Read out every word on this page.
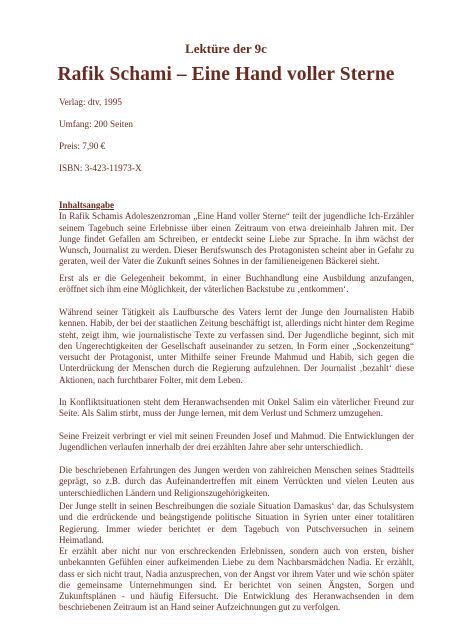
Lektüre der 9c
Rafik Schami – Eine Hand voller Sterne
Verlag: dtv, 1995
Umfang: 200 Seiten
Preis: 7,90 €
ISBN: 3-423-11973-X

Inhaltsangabe

In Rafik Schamis Adoleszenzroman „Eine Hand voller Sterne“ teilt der jugendliche Ich-Erzähler seinem Tagebuch seine Erlebnisse über einen Zeitraum von etwa dreieinhalb Jahren mit. Der Junge findet Gefallen am Schreiben, er entdeckt seine Liebe zur Sprache. In ihm wächst der Wunsch, Journalist zu werden. Dieser Berufswunsch des Protagonisten scheint aber in Gefahr zu geraten, weil der Vater die Zukunft seines Sohnes in der familieneigenen Bäckerei sieht.

Erst als er die Gelegenheit bekommt, in einer Buchhandlung eine Ausbildung anzufangen, eröffnet sich ihm eine Möglichkeit, der väterlichen Backstube zu ‚entkommen‘.
Während seiner Tätigkeit als Laufbursche des Vaters lernt der Junge den Journalisten Habib kennen. Habib, der bei der staatlichen Zeitung beschäftigt ist, allerdings nicht hinter dem Regime steht, zeigt ihm, wie journalistische Texte zu verfassen sind. Der Jugendliche beginnt, sich mit den Ungerechtigkeiten der Gesellschaft auseinander zu setzen. In Form einer „Sockenzeitung“ versucht der Protagonist, unter Mithilfe seiner Freunde Mahmud und Habib, sich gegen die Unterdrückung der Menschen durch die Regierung aufzulehnen. Der Journalist ‚bezahlt‘ diese Aktionen, nach furchtbarer Folter, mit dem Leben.
In Konfliktsituationen steht dem Heranwachsenden mit Onkel Salim ein väterlicher Freund zur Seite. Als Salim stirbt, muss der Junge lernen, mit dem Verlust und Schmerz umzugehen.
Seine Freizeit verbringt er viel mit seinen Freunden Josef und Mahmud. Die Entwicklungen der Jugendlichen verlaufen innerhalb der drei erzählten Jahre aber sehr unterschiedlich.
Die beschriebenen Erfahrungen des Jungen werden von zahlreichen Menschen seines Stadtteils geprägt, so z.B. durch das Aufeinandertreffen mit einem Verrückten und vielen Leuten aus unterschiedlichen Ländern und Religionszugehörigkeiten.
Der Junge stellt in seinen Beschreibungen die soziale Situation Damaskus‘ dar, das Schulsystem und die erdrückende und beängstigende politische Situation in Syrien unter einer totalitären Regierung. Immer wieder berichtet er dem Tagebuch von Putschversuchen in seinem Heimatland.
Er erzählt aber nicht nur von erschreckenden Erlebnissen, sondern auch von ersten, bisher unbekannten Gefühlen einer aufkeimenden Liebe zu dem Nachbarsmädchen Nadia. Er erzählt, dass er sich nicht traut, Nadia anzusprechen, von der Angst vor ihrem Vater und wie schön später die gemeinsame Unternehmungen sind. Er berichtet von seinen Ängsten, Sorgen und Zukunftsplänen - und häufig Eifersucht. Die Entwicklung des Heranwachsenden in dem beschriebenen Zeitraum ist an Hand seiner Aufzeichnungen gut zu verfolgen.
